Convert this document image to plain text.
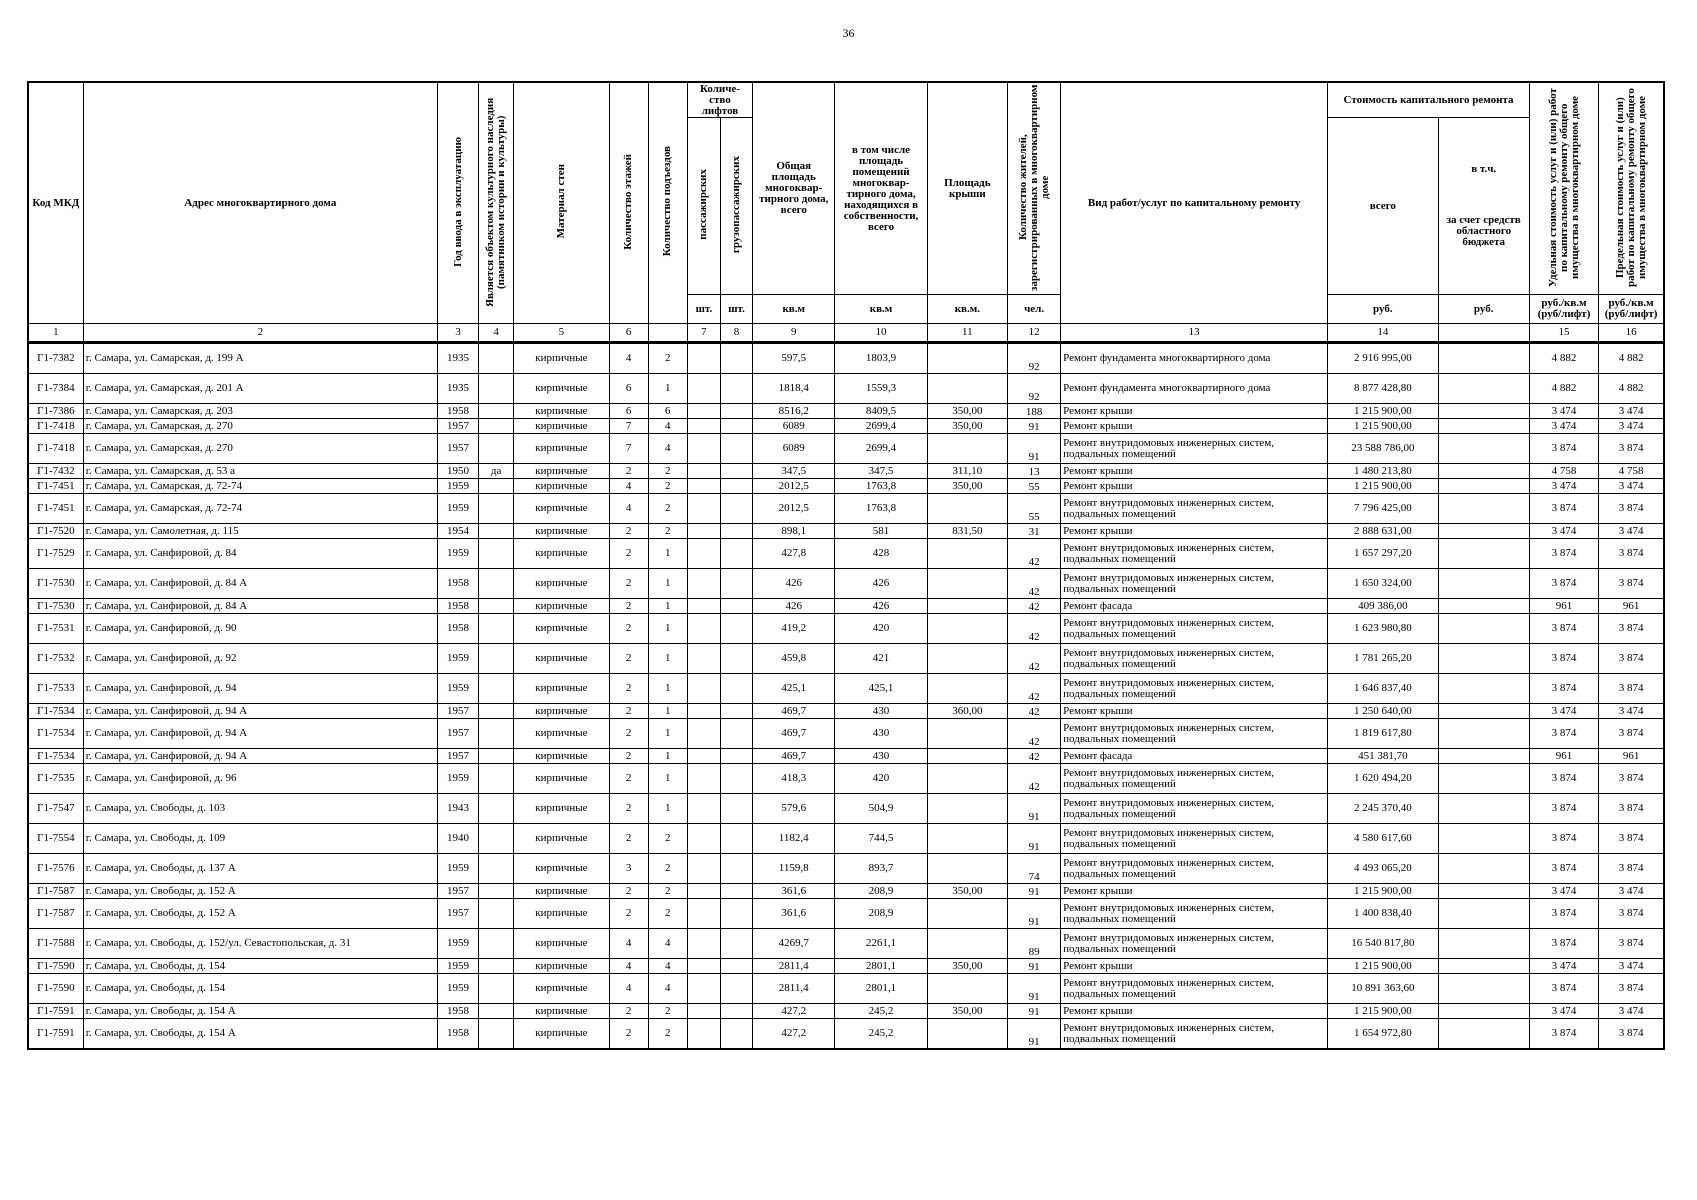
36
Код МКД	Адрес многоквартирного дома	Год ввода в эксплуатацию	Является объектом культурного наследия (памятником истории и культуры)	Материал стен	Количество этажей	Количество подъездов	Количе- ство лифтов		Общая площадь многоквар- тирного дома, всего	в том числе площадь помещений многоквар- тирного дома, находящихся в собственности, всего	Площадь крыши	Количество жителей, зарегистрированных в многоквартирном доме	Вид работ/услуг по капитальному ремонту	Стоимость капитального ремонта		Удельная стоимость услуг и (или) работ по капитальному ремонту общего имущества в многоквартирном доме	Предельная стоимость услуг и (или) работ по капитальному ремонту общего имущества в многоквартирном доме
							пассажирских	грузопассажирских						всего	в т.ч.
за счет средств областного бюджета		

							шт.	шт.	кв.м	кв.м	кв.м.	чел.		руб.	руб.	руб./кв.м (руб/лифт)	руб./кв.м (руб/лифт)
1	2	3	4	5	6		7	8	9	10	11	12	13	14		15	16
Г1-7382	г. Самара, ул. Самарская, д. 199 А	1935		кирпичные	4	2			597,5	1803,9		92	Ремонт фундамента многоквартирного дома	2 916 995,00		4 882	4 882
Г1-7384	г. Самара, ул. Самарская, д. 201 А	1935		кирпичные	6	1			1818,4	1559,3		92	Ремонт фундамента многоквартирного дома	8 877 428,80		4 882	4 882
Г1-7386	г. Самара, ул. Самарская, д. 203	1958		кирпичные	6	6			8516,2	8409,5	350,00	188	Ремонт крыши	1 215 900,00		3 474	3 474
Г1-7418	г. Самара, ул. Самарская, д. 270	1957		кирпичные	7	4			6089	2699,4	350,00	91	Ремонт крыши	1 215 900,00		3 474	3 474
Г1-7418	г. Самара, ул. Самарская, д. 270	1957		кирпичные	7	4			6089	2699,4		91	Ремонт внутридомовых инженерных систем, подвальных помещений	23 588 786,00		3 874	3 874
Г1-7432	г. Самара, ул. Самарская, д. 53 а	1950	да	кирпичные	2	2			347,5	347,5	311,10	13	Ремонт крыши	1 480 213,80		4 758	4 758
Г1-7451	г. Самара, ул. Самарская, д. 72-74	1959		кирпичные	4	2			2012,5	1763,8	350,00	55	Ремонт крыши	1 215 900,00		3 474	3 474
Г1-7451	г. Самара, ул. Самарская, д. 72-74	1959		кирпичные	4	2			2012,5	1763,8		55	Ремонт внутридомовых инженерных систем, подвальных помещений	7 796 425,00		3 874	3 874
Г1-7520	г. Самара, ул. Самолетная, д. 115	1954		кирпичные	2	2			898,1	581	831,50	31	Ремонт крыши	2 888 631,00		3 474	3 474
Г1-7529	г. Самара, ул. Санфировой, д. 84	1959		кирпичные	2	1			427,8	428		42	Ремонт внутридомовых инженерных систем, подвальных помещений	1 657 297,20		3 874	3 874
Г1-7530	г. Самара, ул. Санфировой, д. 84 А	1958		кирпичные	2	1			426	426		42	Ремонт внутридомовых инженерных систем, подвальных помещений	1 650 324,00		3 874	3 874
Г1-7530	г. Самара, ул. Санфировой, д. 84 А	1958		кирпичные	2	1			426	426		42	Ремонт фасада	409 386,00		961	961
Г1-7531	г. Самара, ул. Санфировой, д. 90	1958		кирпичные	2	1			419,2	420		42	Ремонт внутридомовых инженерных систем, подвальных помещений	1 623 980,80		3 874	3 874
Г1-7532	г. Самара, ул. Санфировой, д. 92	1959		кирпичные	2	1			459,8	421		42	Ремонт внутридомовых инженерных систем, подвальных помещений	1 781 265,20		3 874	3 874
Г1-7533	г. Самара, ул. Санфировой, д. 94	1959		кирпичные	2	1			425,1	425,1		42	Ремонт внутридомовых инженерных систем, подвальных помещений	1 646 837,40		3 874	3 874
Г1-7534	г. Самара, ул. Санфировой, д. 94 А	1957		кирпичные	2	1			469,7	430	360,00	42	Ремонт крыши	1 250 640,00		3 474	3 474
Г1-7534	г. Самара, ул. Санфировой, д. 94 А	1957		кирпичные	2	1			469,7	430		42	Ремонт внутридомовых инженерных систем, подвальных помещений	1 819 617,80		3 874	3 874
Г1-7534	г. Самара, ул. Санфировой, д. 94 А	1957		кирпичные	2	1			469,7	430		42	Ремонт фасада	451 381,70		961	961
Г1-7535	г. Самара, ул. Санфировой, д. 96	1959		кирпичные	2	1			418,3	420		42	Ремонт внутридомовых инженерных систем, подвальных помещений	1 620 494,20		3 874	3 874
Г1-7547	г. Самара, ул. Свободы, д. 103	1943		кирпичные	2	1			579,6	504,9		91	Ремонт внутридомовых инженерных систем, подвальных помещений	2 245 370,40		3 874	3 874
Г1-7554	г. Самара, ул. Свободы, д. 109	1940		кирпичные	2	2			1182,4	744,5		91	Ремонт внутридомовых инженерных систем, подвальных помещений	4 580 617,60		3 874	3 874
Г1-7576	г. Самара, ул. Свободы, д. 137 А	1959		кирпичные	3	2			1159,8	893,7		74	Ремонт внутридомовых инженерных систем, подвальных помещений	4 493 065,20		3 874	3 874
Г1-7587	г. Самара, ул. Свободы, д. 152 А	1957		кирпичные	2	2			361,6	208,9	350,00	91	Ремонт крыши	1 215 900,00		3 474	3 474
Г1-7587	г. Самара, ул. Свободы, д. 152 А	1957		кирпичные	2	2			361,6	208,9		91	Ремонт внутридомовых инженерных систем, подвальных помещений	1 400 838,40		3 874	3 874
Г1-7588	г. Самара, ул. Свободы, д. 152/ул. Севастопольская, д. 31	1959		кирпичные	4	4			4269,7	2261,1		89	Ремонт внутридомовых инженерных систем, подвальных помещений	16 540 817,80		3 874	3 874
Г1-7590	г. Самара, ул. Свободы, д. 154	1959		кирпичные	4	4			2811,4	2801,1	350,00	91	Ремонт крыши	1 215 900,00		3 474	3 474
Г1-7590	г. Самара, ул. Свободы, д. 154	1959		кирпичные	4	4			2811,4	2801,1		91	Ремонт внутридомовых инженерных систем, подвальных помещений	10 891 363,60		3 874	3 874
Г1-7591	г. Самара, ул. Свободы, д. 154 А	1958		кирпичные	2	2			427,2	245,2	350,00	91	Ремонт крыши	1 215 900,00		3 474	3 474
Г1-7591	г. Самара, ул. Свободы, д. 154 А	1958		кирпичные	2	2			427,2	245,2		91	Ремонт внутридомовых инженерных систем, подвальных помещений	1 654 972,80		3 874	3 874
